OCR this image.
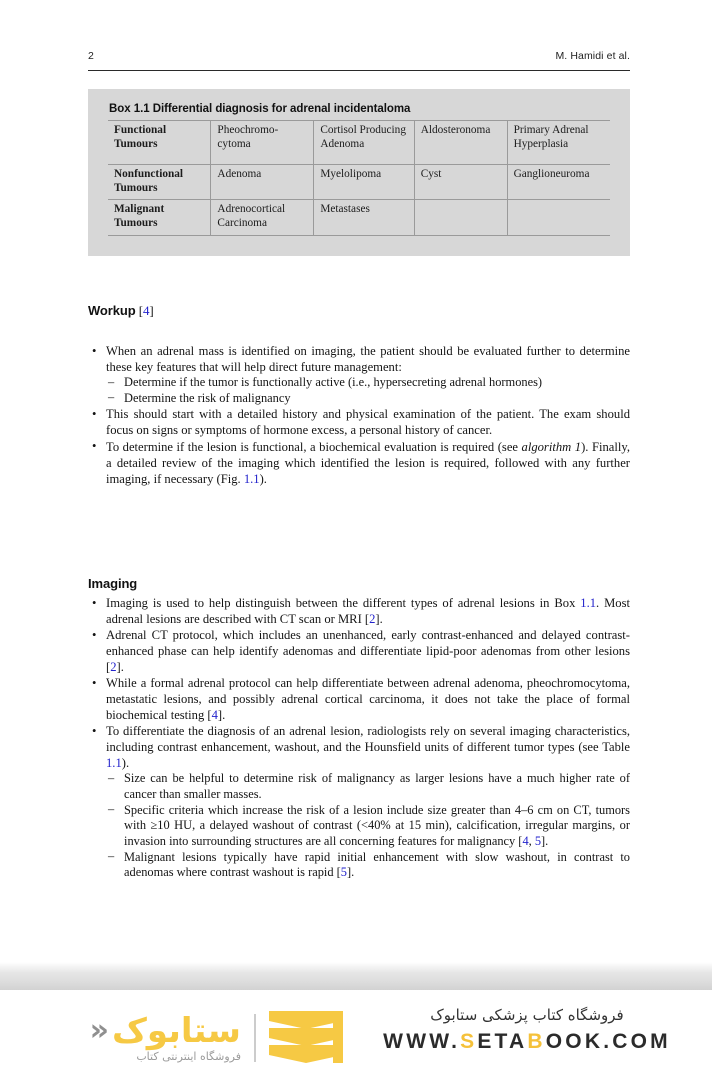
2	M. Hamidi et al.
Box 1.1 Differential diagnosis for adrenal incidentaloma
Functional Tumours	Pheochromo-cytoma	Cortisol Producing Adenoma	Aldosteronoma	Primary Adrenal Hyperplasia
Nonfunctional Tumours	Adenoma	Myelolipoma	Cyst	Ganglioneuroma
Malignant Tumours	Adrenocortical Carcinoma	Metastases		
Workup [4]
• When an adrenal mass is identified on imaging, the patient should be evaluated further to determine these key features that will help direct future management:
– Determine if the tumor is functionally active (i.e., hypersecreting adrenal hormones)
– Determine the risk of malignancy
• This should start with a detailed history and physical examination of the patient. The exam should focus on signs or symptoms of hormone excess, a personal history of cancer.
• To determine if the lesion is functional, a biochemical evaluation is required (see algorithm 1). Finally, a detailed review of the imaging which identified the lesion is required, followed with any further imaging, if necessary (Fig. 1.1).
Imaging
• Imaging is used to help distinguish between the different types of adrenal lesions in Box 1.1. Most adrenal lesions are described with CT scan or MRI [2].
• Adrenal CT protocol, which includes an unenhanced, early contrast-enhanced and delayed contrast-enhanced phase can help identify adenomas and differentiate lipid-poor adenomas from other lesions [2].
• While a formal adrenal protocol can help differentiate between adrenal adenoma, pheochromocytoma, metastatic lesions, and possibly adrenal cortical carcinoma, it does not take the place of formal biochemical testing [4].
• To differentiate the diagnosis of an adrenal lesion, radiologists rely on several imaging characteristics, including contrast enhancement, washout, and the Hounsfield units of different tumor types (see Table 1.1).
– Size can be helpful to determine risk of malignancy as larger lesions have a much higher rate of cancer than smaller masses.
– Specific criteria which increase the risk of a lesion include size greater than 4–6 cm on CT, tumors with ≥10 HU, a delayed washout of contrast (<40% at 15 min), calcification, irregular margins, or invasion into surrounding structures are all concerning features for malignancy [4, 5].
– Malignant lesions typically have rapid initial enhancement with slow washout, in contrast to adenomas where contrast washout is rapid [5].
ستابوک
«
فروشگاه اینترنتی کتاب
فروشگاه کتاب پزشکی ستابوک
WWW.SETABOOK.COM
